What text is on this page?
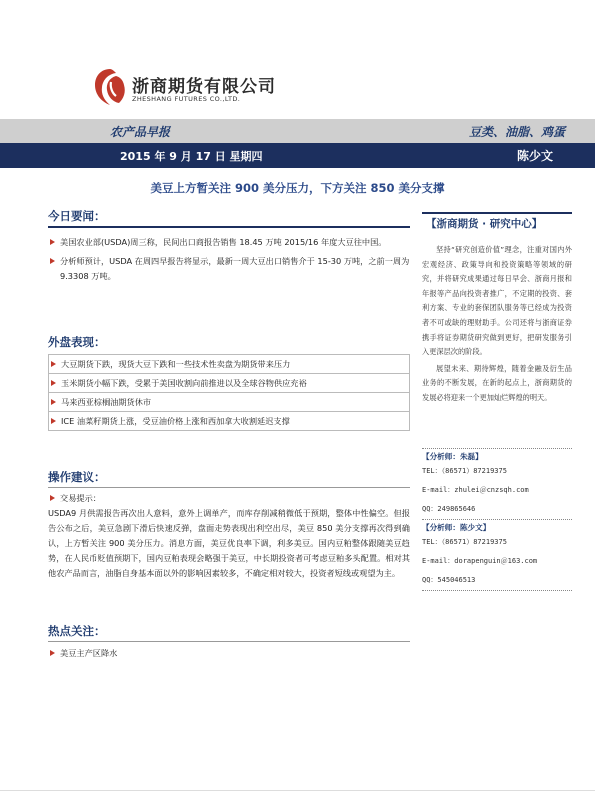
浙商期货有限公司
ZHESHANG FUTURES CO.,LTD.
农产品早报	豆类、油脂、鸡蛋
2015 年 9 月 17 日 星期四	陈少文
美豆上方暂关注 900 美分压力，下方关注 850 美分支撑
今日要闻：
美国农业部(USDA)周三称，民间出口商报告销售 18.45 万吨 2015/16 年度大豆往中国。
分析师预计，USDA 在周四早报告将显示，最新一周大豆出口销售介于 15-30 万吨，之前一周为 9.3308 万吨。
外盘表现：
大豆期货下跌，现货大豆下跌和一些技术性卖盘为期货带来压力
玉米期货小幅下跌，受累于美国收割向前推进以及全球谷物供应充裕
马来西亚棕榈油期货休市
ICE 油菜籽期货上涨，受豆油价格上涨和西加拿大收割延迟支撑
操作建议：
交易提示：
USDA9 月供需报告再次出人意料，意外上调单产，而库存削减稍微低于预期，整体中性偏空。但报告公布之后，美豆急剧下滑后快速反弹，盘面走势表现出利空出尽，美豆 850 美分支撑再次得到确认，上方暂关注 900 美分压力。消息方面，美豆优良率下调，利多美豆。国内豆粕整体跟随美豆趋势，在人民币贬值预期下，国内豆粕表现会略强于美豆，中长期投资者可考虑豆粕多头配置。相对其他农产品而言，油脂自身基本面以外的影响因素较多，不确定相对较大，投资者短线或观望为主。
热点关注：
美豆主产区降水
【浙商期货 · 研究中心】
坚持“研究创造价值”理念，注重对国内外宏观经济、政策导向和投资策略等领域的研究，并将研究成果通过每日早会、浙商月报和年报等产品向投资者推广，不定期的投资、套利方案、专业的套保团队服务等已经成为投资者不可或缺的理财助手。公司还将与浙商证券携手将证券期货研究做到更好，把研发服务引入更深层次的阶段。
展望未来、期待辉煌，随着金融及衍生品业务的不断发展，在新的起点上，浙商期货的发展必将迎来一个更加灿烂辉煌的明天。
【分析师：朱磊】
TEL：（86571）87219375
E-mail：zhulei＠cnzsqh.com
QQ：249865646
【分析师：陈少文】
TEL：（86571）87219375
E-mail：dorapenguin＠163.com
QQ：545046513
